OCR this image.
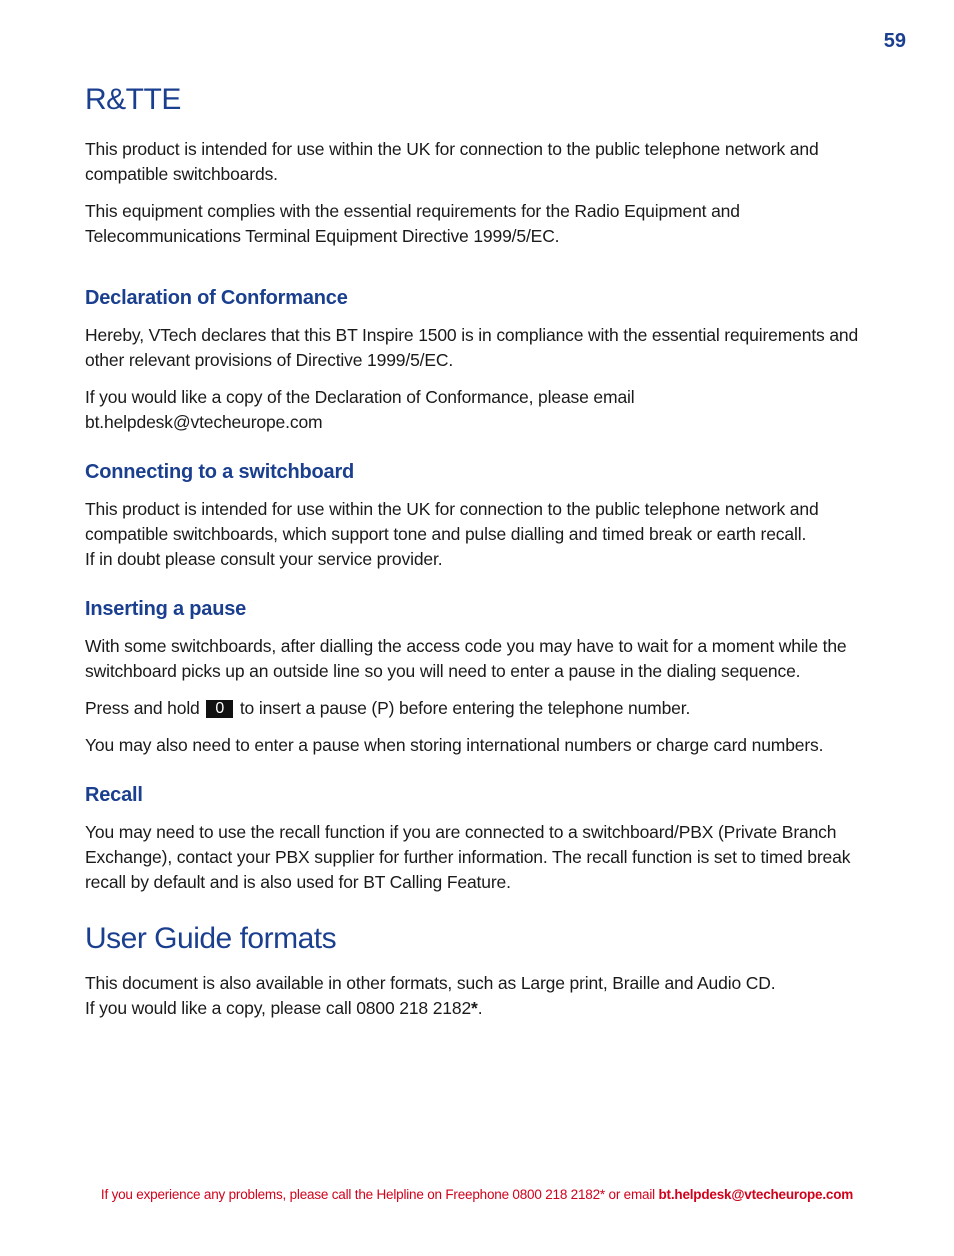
59
R&TTE

This product is intended for use within the UK for connection to the public telephone network and compatible switchboards.

This equipment complies with the essential requirements for the Radio Equipment and Telecommunications Terminal Equipment Directive 1999/5/EC.

Declaration of Conformance

Hereby, VTech declares that this BT Inspire 1500 is in compliance with the essential requirements and other relevant provisions of Directive 1999/5/EC.

If you would like a copy of the Declaration of Conformance, please email
bt.helpdesk@vtecheurope.com

Connecting to a switchboard

This product is intended for use within the UK for connection to the public telephone network and compatible switchboards, which support tone and pulse dialling and timed break or earth recall.
If in doubt please consult your service provider.

Inserting a pause

With some switchboards, after dialling the access code you may have to wait for a moment while the switchboard picks up an outside line so you will need to enter a pause in the dialing sequence.

Press and hold 0 to insert a pause (P) before entering the telephone number.

You may also need to enter a pause when storing international numbers or charge card numbers.

Recall

You may need to use the recall function if you are connected to a switchboard/PBX (Private Branch Exchange), contact your PBX supplier for further information. The recall function is set to timed break recall by default and is also used for BT Calling Feature.

User Guide formats

This document is also available in other formats, such as Large print, Braille and Audio CD.
If you would like a copy, please call 0800 218 2182*.

If you experience any problems, please call the Helpline on Freephone 0800 218 2182* or email bt.helpdesk@vtecheurope.com
